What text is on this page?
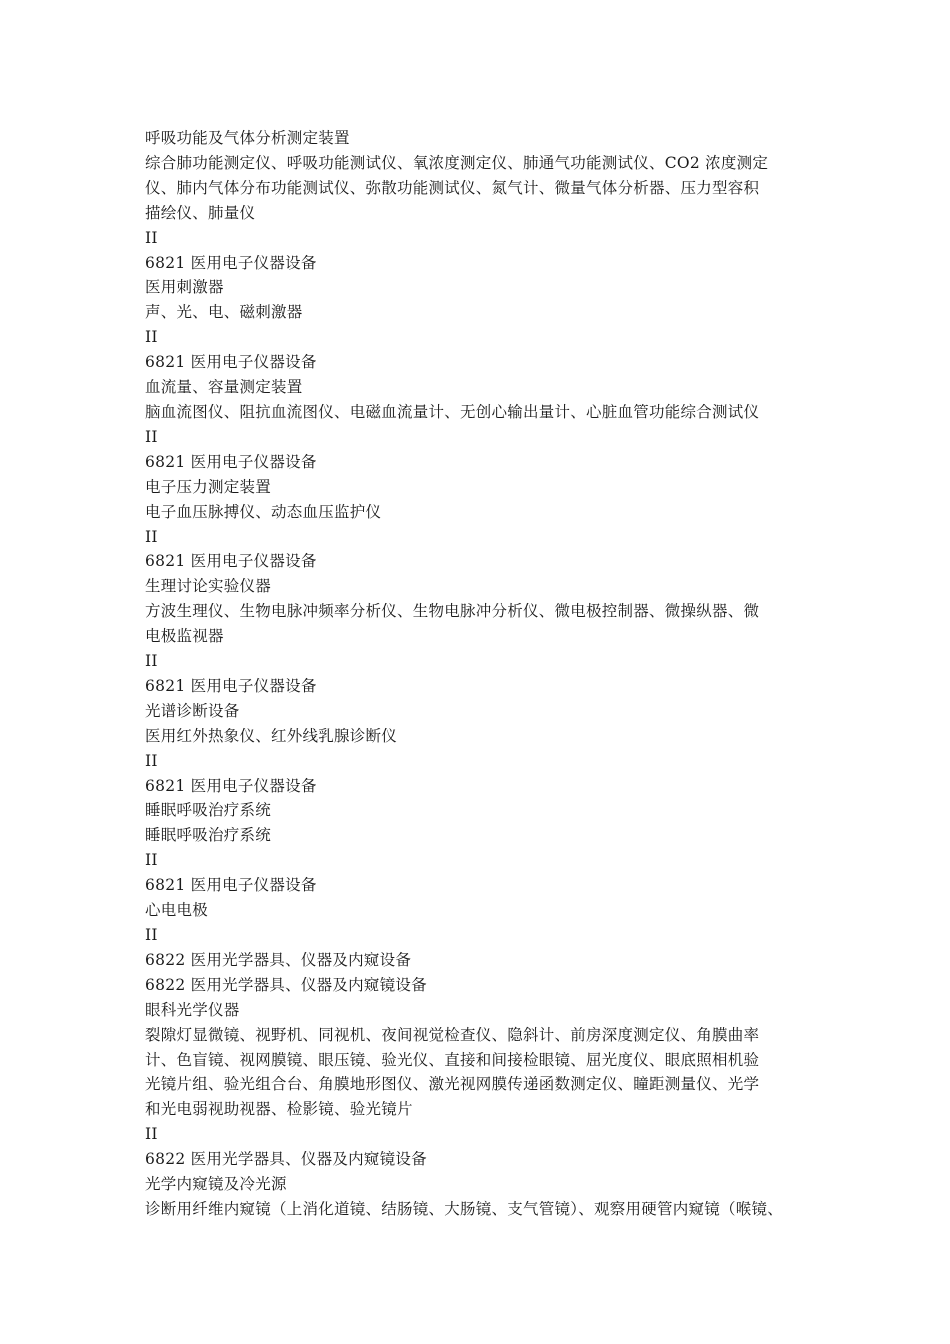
呼吸功能及气体分析测定装置
综合肺功能测定仪、呼吸功能测试仪、氧浓度测定仪、肺通气功能测试仪、CO2 浓度测定
仪、肺内气体分布功能测试仪、弥散功能测试仪、氮气计、微量气体分析器、压力型容积
描绘仪、肺量仪
II
6821 医用电子仪器设备
医用刺激器
声、光、电、磁刺激器
II
6821 医用电子仪器设备
血流量、容量测定装置
脑血流图仪、阻抗血流图仪、电磁血流量计、无创心输出量计、心脏血管功能综合测试仪
II
6821 医用电子仪器设备
电子压力测定装置
电子血压脉搏仪、动态血压监护仪
II
6821 医用电子仪器设备
生理讨论实验仪器
方波生理仪、生物电脉冲频率分析仪、生物电脉冲分析仪、微电极控制器、微操纵器、微
电极监视器
II
6821 医用电子仪器设备
光谱诊断设备
医用红外热象仪、红外线乳腺诊断仪
II
6821 医用电子仪器设备
睡眠呼吸治疗系统
睡眠呼吸治疗系统
II
6821 医用电子仪器设备
心电电极
II
6822 医用光学器具、仪器及内窥设备
6822 医用光学器具、仪器及内窥镜设备
眼科光学仪器
裂隙灯显微镜、视野机、同视机、夜间视觉检查仪、隐斜计、前房深度测定仪、角膜曲率
计、色盲镜、视网膜镜、眼压镜、验光仪、直接和间接检眼镜、屈光度仪、眼底照相机验
光镜片组、验光组合台、角膜地形图仪、激光视网膜传递函数测定仪、瞳距测量仪、光学
和光电弱视助视器、检影镜、验光镜片
II
6822 医用光学器具、仪器及内窥镜设备
光学内窥镜及冷光源
诊断用纤维内窥镜（上消化道镜、结肠镜、大肠镜、支气管镜）、观察用硬管内窥镜（喉镜、
